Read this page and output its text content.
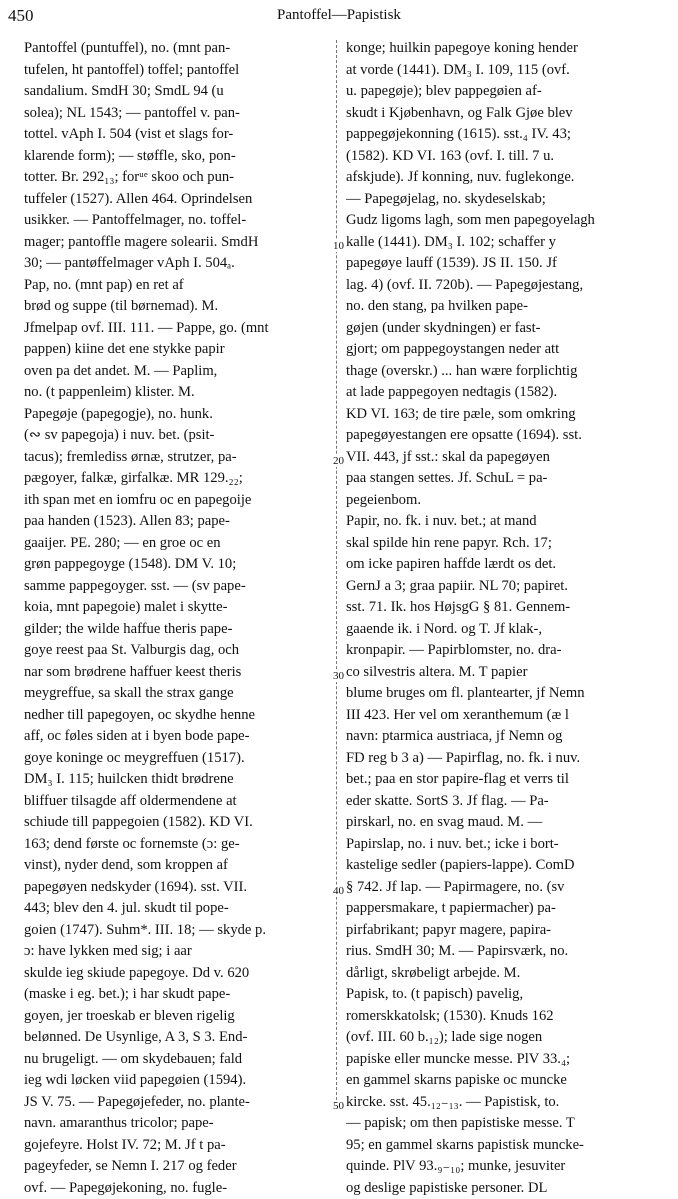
450	Pantoffel—Papistisk
10
20
30
40
50
Pantoffel (puntuffel), no. (mnt pan-
tufelen, ht pantoffel) toffel; pantoffel
sandalium. SmdH 30; SmdL 94 (u
solea); NL 1543; — pantoffel v. pan-
tottel. vAph I. 504 (vist et slags for-
klarende form); — støffle, sko, pon-
totter. Br. 292₁₃; forᵘᵉ skoo och pun-
tuffeler (1527). Allen 464. Oprindelsen
usikker. — Pantoffelmager, no. toffel-
mager; pantoffle magere solearii. SmdH
30; — pantøffelmager vAph I. 504ₐ.
Pap, no. (mnt pap) en ret af
brød og suppe (til børnemad). M.
Jfmelpap ovf. III. 111. — Pappe, go. (mnt
pappen) kiine det ene stykke papir
oven pa det andet. M. — Paplim,
no. (t pappenleim) klister. M.
Papegøje (papegogje), no. hunk.
(∾ sv papegoja) i nuv. bet. (psit-
tacus); fremlediss ørnæ, strutzer, pa-
pægoyer, falkæ, girfalkæ. MR 129.₂₂;
ith span met en iomfru oc en papegoije
paa handen (1523). Allen 83; pape-
gaaijer. PE. 280; — en groe oc en
grøn pappegoyge (1548). DM V. 10;
samme pappegoyger. sst. — (sv pape-
koia, mnt papegoie) malet i skytte-
gilder; the wilde haffue theris pape-
goye reest paa St. Valburgis dag, och
nar som brødrene haffuer keest theris
meygreffue, sa skall the strax gange
nedher till papegoyen, oc skydhe henne
aff, oc føles siden at i byen bode pape-
goye koninge oc meygreffuen (1517).
DM₃ I. 115; huilcken thidt brødrene
bliffuer tilsagde aff oldermendene at
schiude till pappegoien (1582). KD VI.
163; dend første oc fornemste (ɔ: ge-
vinst), nyder dend, som kroppen af
papegøyen nedskyder (1694). sst. VII.
443; blev den 4. jul. skudt til pope-
goien (1747). Suhm*. III. 18; — skyde p.
ɔ: have lykken med sig; i aar
skulde ieg skiude papegoye. Dd v. 620
(maske i eg. bet.); i har skudt pape-
goyen, jer troeskab er bleven rigelig
belønned. De Usynlige, A 3, S 3. End-
nu brugeligt. — om skydebauen; fald
ieg wdi løcken viid papegøien (1594).
JS V. 75. — Papegøjefeder, no. plante-
navn. amaranthus tricolor; pape-
gojefeyre. Holst IV. 72; M. Jf t pa-
pageyfeder, se Nemn I. 217 og feder
ovf. — Papegøjekoning, no. fugle-
konge; huilkin papegoye koning hender
at vorde (1441). DM₃ I. 109, 115 (ovf.
u. papegøje); blev pappegøien af-
skudt i Kjøbenhavn, og Falk Gjøe blev
pappegøjekonning (1615). sst.₄ IV. 43;
(1582). KD VI. 163 (ovf. I. till. 7 u.
afskjude). Jf konning, nuv. fuglekonge.
— Papegøjelag, no. skydeselskab;
Gudz ligoms lagh, som men papegoyelagh
kalle (1441). DM₃ I. 102; schaffer y
papegøye lauff (1539). JS II. 150. Jf
lag. 4) (ovf. II. 720b). — Papegøjestang,
no. den stang, pa hvilken pape-
gøjen (under skydningen) er fast-
gjort; om pappegoystangen neder att
thage (overskr.) ... han wære forplichtig
at lade pappegoyen nedtagis (1582).
KD VI. 163; de tire pæle, som omkring
papegøyestangen ere opsatte (1694). sst.
VII. 443, jf sst.: skal da papegøyen
paa stangen settes. Jf. SchuL = pa-
pegeienbom.
Papir, no. fk. i nuv. bet.; at mand
skal spilde hin rene papyr. Rch. 17;
om icke papiren haffde lærdt os det.
GernJ a 3; graa papiir. NL 70; papiret.
sst. 71. Ik. hos HøjsgG § 81. Gennem-
gaaende ik. i Nord. og T. Jf klak-,
kronpapir. — Papirblomster, no. dra-
co silvestris altera. M. T papier
blume bruges om fl. plantearter, jf Nemn
III 423. Her vel om xeranthemum (æ l
navn: ptarmica austriaca, jf Nemn og
FD reg b 3 a) — Papirflag, no. fk. i nuv.
bet.; paa en stor papire-flag et verrs til
eder skatte. SortS 3. Jf flag. — Pa-
pirskarl, no. en svag maud. M. —
Papirslap, no. i nuv. bet.; icke i bort-
kastelige sedler (papiers-lappe). ComD
§ 742. Jf lap. — Papirmagere, no. (sv
pappersmakare, t papiermacher) pa-
pirfabrikant; papyr magere, papira-
rius. SmdH 30; M. — Papirsværk, no.
dårligt, skrøbeligt arbejde. M.
Papisk, to. (t papisch) pavelig,
romerskkatolsk; (1530). Knuds 162
(ovf. III. 60 b.₁₂); lade sige nogen
papiske eller muncke messe. PlV 33.₄;
en gammel skarns papiske oc muncke
kircke. sst. 45.₁₂₋₁₃. — Papistisk, to.
— papisk; om then papistiske messe. T
95; en gammel skarns papistisk muncke-
quinde. PlV 93.₉₋₁₀; munke, jesuviter
og deslige papistiske personer. DL
